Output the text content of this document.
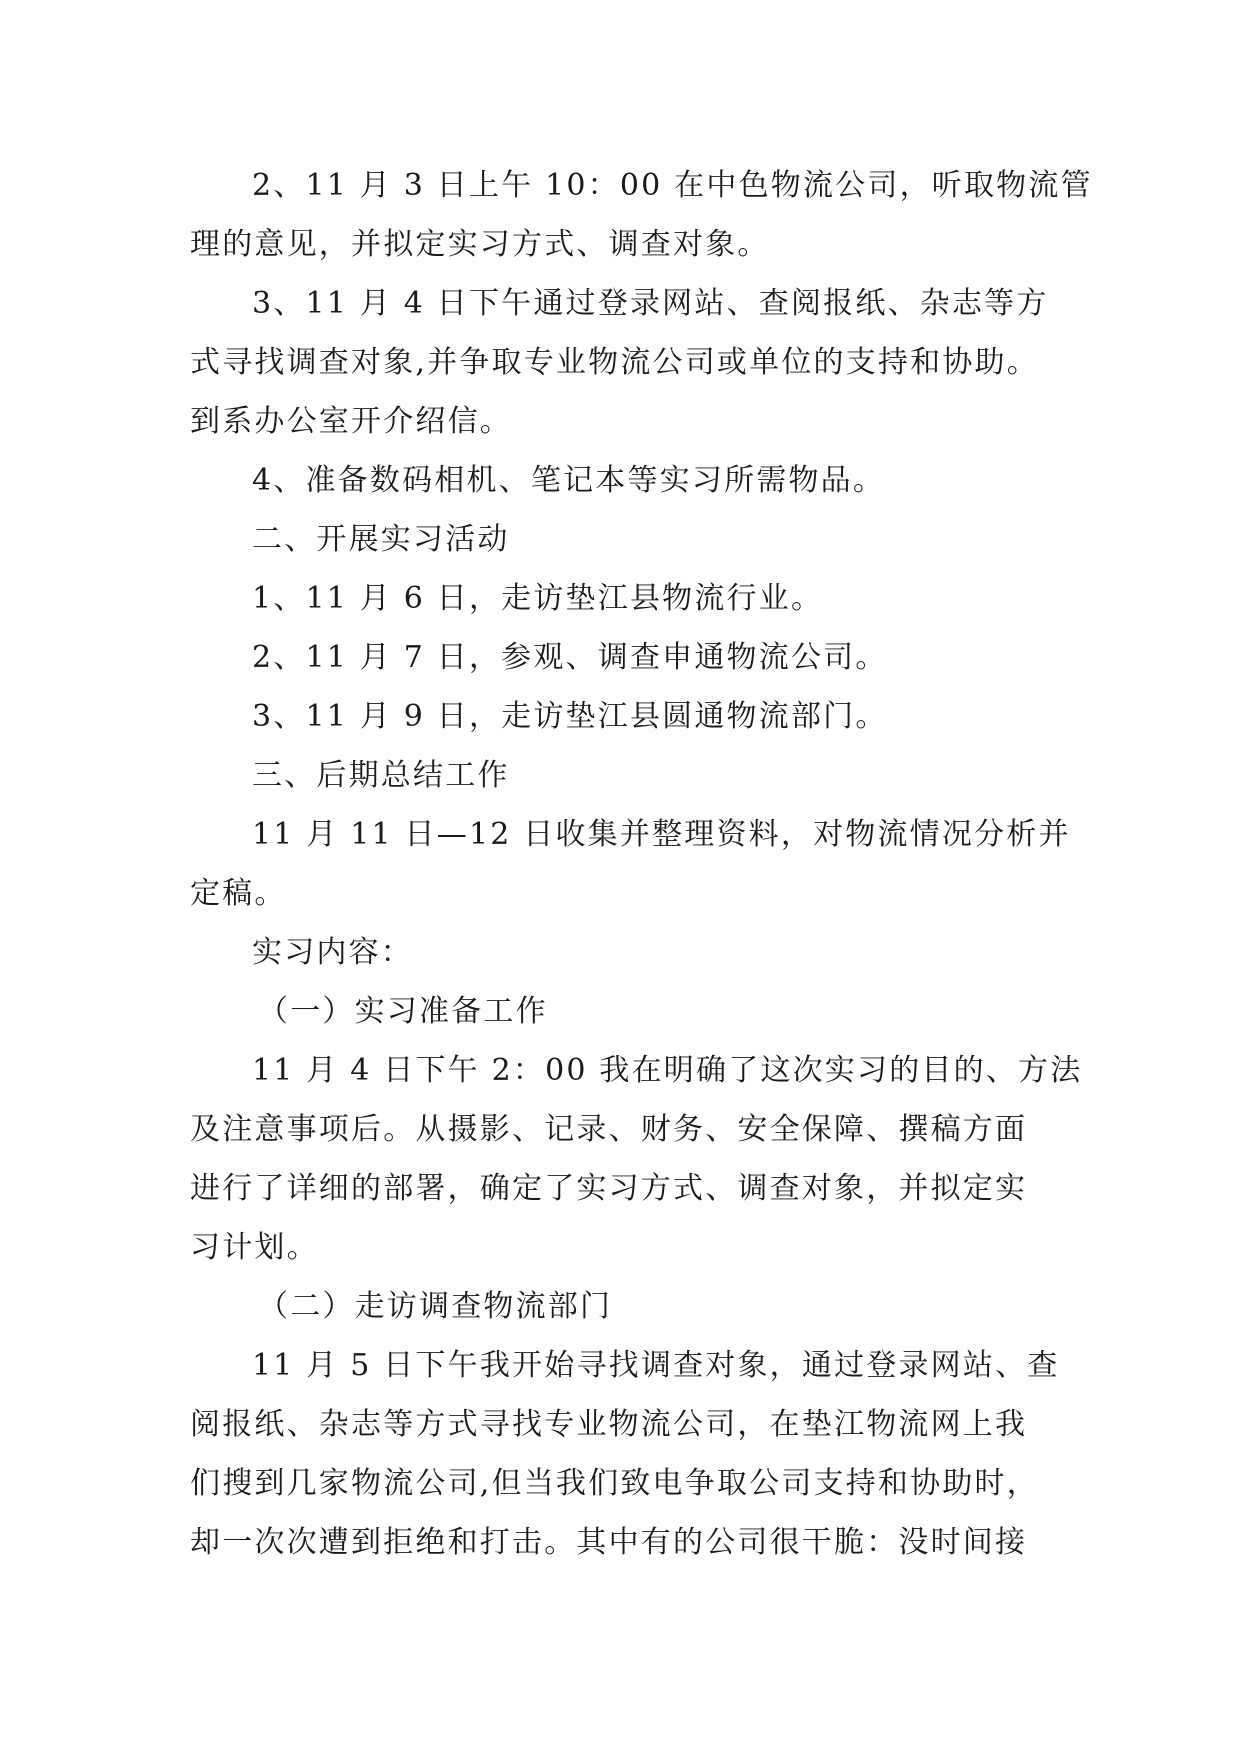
2、11 月 3 日上午 10：00 在中色物流公司，听取物流管
理的意见，并拟定实习方式、调查对象。
3、11 月 4 日下午通过登录网站、查阅报纸、杂志等方
式寻找调查对象,并争取专业物流公司或单位的支持和协助。
到系办公室开介绍信。
4、准备数码相机、笔记本等实习所需物品。
二、开展实习活动
1、11 月 6 日，走访垫江县物流行业。
2、11 月 7 日，参观、调查申通物流公司。
3、11 月 9 日，走访垫江县圆通物流部门。
三、后期总结工作
11 月 11 日—12 日收集并整理资料，对物流情况分析并
定稿。
实习内容：
（一）实习准备工作
11 月 4 日下午 2：00 我在明确了这次实习的目的、方法
及注意事项后。从摄影、记录、财务、安全保障、撰稿方面
进行了详细的部署，确定了实习方式、调查对象，并拟定实
习计划。
（二）走访调查物流部门
11 月 5 日下午我开始寻找调查对象，通过登录网站、查
阅报纸、杂志等方式寻找专业物流公司，在垫江物流网上我
们搜到几家物流公司,但当我们致电争取公司支持和协助时，
却一次次遭到拒绝和打击。其中有的公司很干脆：没时间接
